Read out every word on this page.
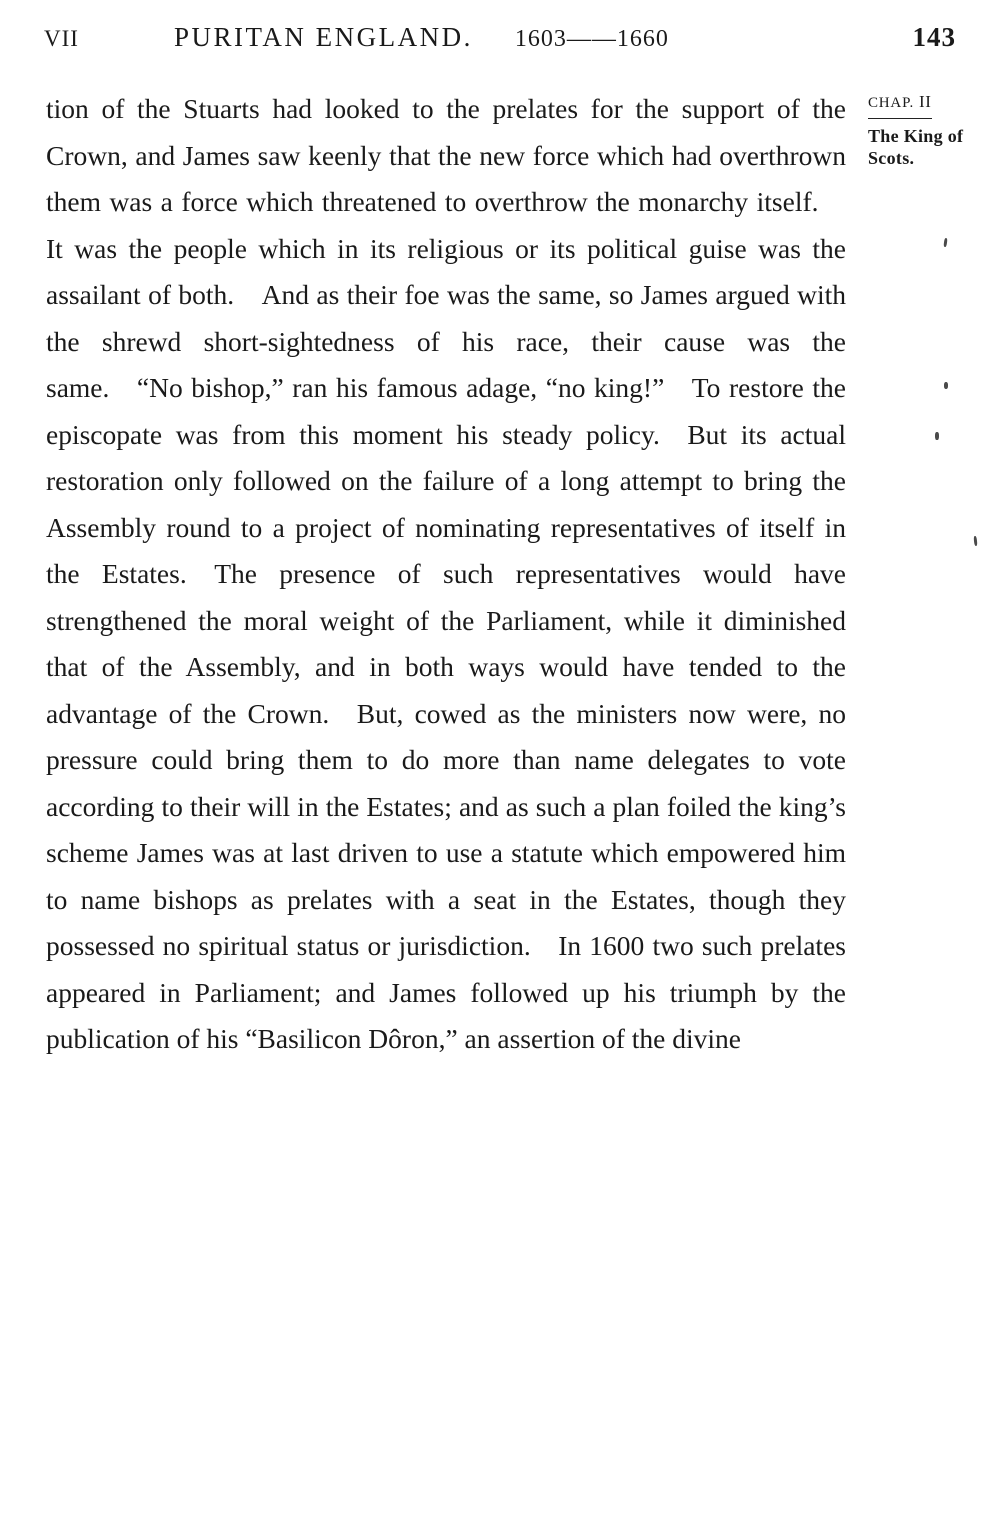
VII	PURITAN ENGLAND. 1603——1660	143

tion of the Stuarts had looked to the prelates for the support of the Crown, and James saw keenly that the new force which had overthrown them was a force which threatened to overthrow the monarchy itself. It was the people which in its religious or its political guise was the assailant of both. And as their foe was the same, so James argued with the shrewd short-sightedness of his race, their cause was the same. “No bishop,” ran his famous adage, “no king!” To restore the episcopate was from this moment his steady policy. But its actual restoration only followed on the failure of a long attempt to bring the Assembly round to a project of nominating representatives of itself in the Estates. The presence of such representatives would have strengthened the moral weight of the Parliament, while it diminished that of the Assembly, and in both ways would have tended to the advantage of the Crown. But, cowed as the ministers now were, no pressure could bring them to do more than name delegates to vote according to their will in the Estates; and as such a plan foiled the king’s scheme James was at last driven to use a statute which empowered him to name bishops as prelates with a seat in the Estates, though they possessed no spiritual status or jurisdiction. In 1600 two such prelates appeared in Parliament; and James followed up his triumph by the publication of his “Basilicon Dôron,” an assertion of the divine

CHAP. II
The King of Scots.
